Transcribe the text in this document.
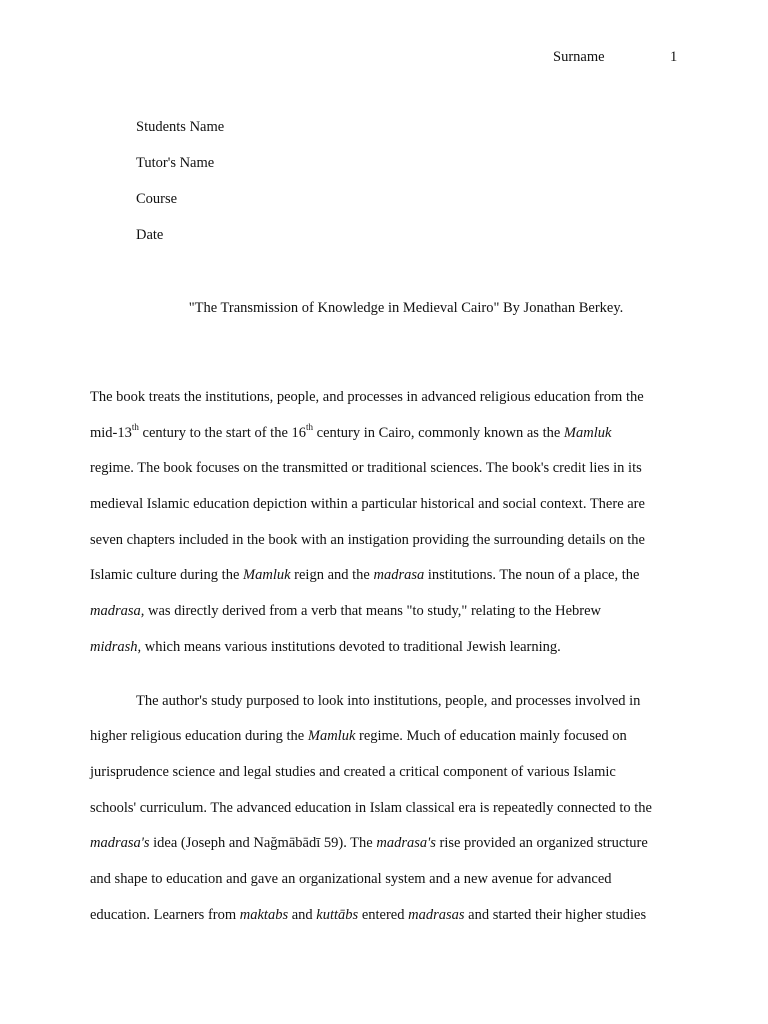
Surname	1
Students Name
Tutor's Name
Course
Date
"The Transmission of Knowledge in Medieval Cairo" By Jonathan Berkey.
The book treats the institutions, people, and processes in advanced religious education from the
mid-13th century to the start of the 16th century in Cairo, commonly known as the Mamluk
regime. The book focuses on the transmitted or traditional sciences. The book's credit lies in its
medieval Islamic education depiction within a particular historical and social context. There are
seven chapters included in the book with an instigation providing the surrounding details on the
Islamic culture during the Mamluk reign and the madrasa institutions. The noun of a place, the
madrasa, was directly derived from a verb that means "to study," relating to the Hebrew
midrash, which means various institutions devoted to traditional Jewish learning.
The author's study purposed to look into institutions, people, and processes involved in
higher religious education during the Mamluk regime. Much of education mainly focused on
jurisprudence science and legal studies and created a critical component of various Islamic
schools' curriculum. The advanced education in Islam classical era is repeatedly connected to the
madrasa's idea (Joseph and Nağmābādī 59). The madrasa's rise provided an organized structure
and shape to education and gave an organizational system and a new avenue for advanced
education. Learners from maktabs and kuttābs entered madrasas and started their higher studies
